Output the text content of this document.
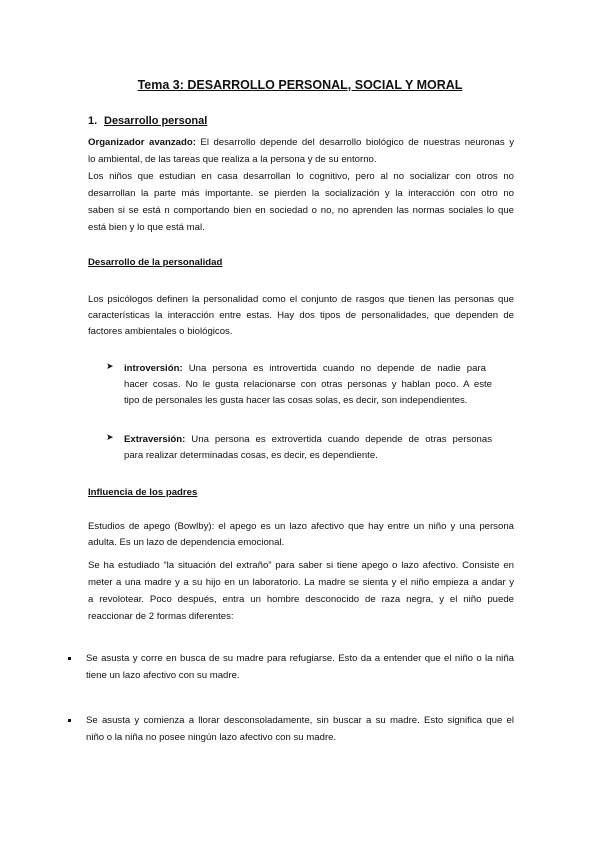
Tema 3: DESARROLLO PERSONAL, SOCIAL Y MORAL
1. Desarrollo personal
Organizador avanzado: El desarrollo depende del desarrollo biológico de nuestras neuronas y
lo ambiental, de las tareas que realiza a la persona y de su entorno.
Los niños que estudian en casa desarrollan lo cognitivo, pero al no socializar con otros no
desarrollan la parte más importante. se pierden la socialización y la interacción con otro no
saben si se está n comportando bien en sociedad o no, no aprenden las normas sociales lo que
está bien y lo que está mal.
Desarrollo de la personalidad
Los psicólogos definen la personalidad como el conjunto de rasgos que tienen las personas que
características la interacción entre estas. Hay dos tipos de personalidades, que dependen de
factores ambientales o biológicos.
➤ introversión: Una persona es introvertida cuando no depende de nadie para
hacer cosas. No le gusta relacionarse con otras personas y hablan poco. A este
tipo de personales les gusta hacer las cosas solas, es decir, son independientes.
➤ Extraversión: Una persona es extrovertida cuando depende de otras personas
para realizar determinadas cosas, es decir, es dependiente.
Influencia de los padres
Estudios de apego (Bowlby): el apego es un lazo afectivo que hay entre un niño y una persona
adulta. Es un lazo de dependencia emocional.
Se ha estudiado “la situación del extraño” para saber si tiene apego o lazo afectivo. Consiste en
meter a una madre y a su hijo en un laboratorio. La madre se sienta y el niño empieza a andar y
a revolotear. Poco después, entra un hombre desconocido de raza negra, y el niño puede
reaccionar de 2 formas diferentes:
Se asusta y corre en busca de su madre para refugiarse. Esto da a entender que el niño o la niña
tiene un lazo afectivo con su madre.
Se asusta y comienza a llorar desconsoladamente, sin buscar a su madre. Esto significa que el
niño o la niña no posee ningún lazo afectivo con su madre.
